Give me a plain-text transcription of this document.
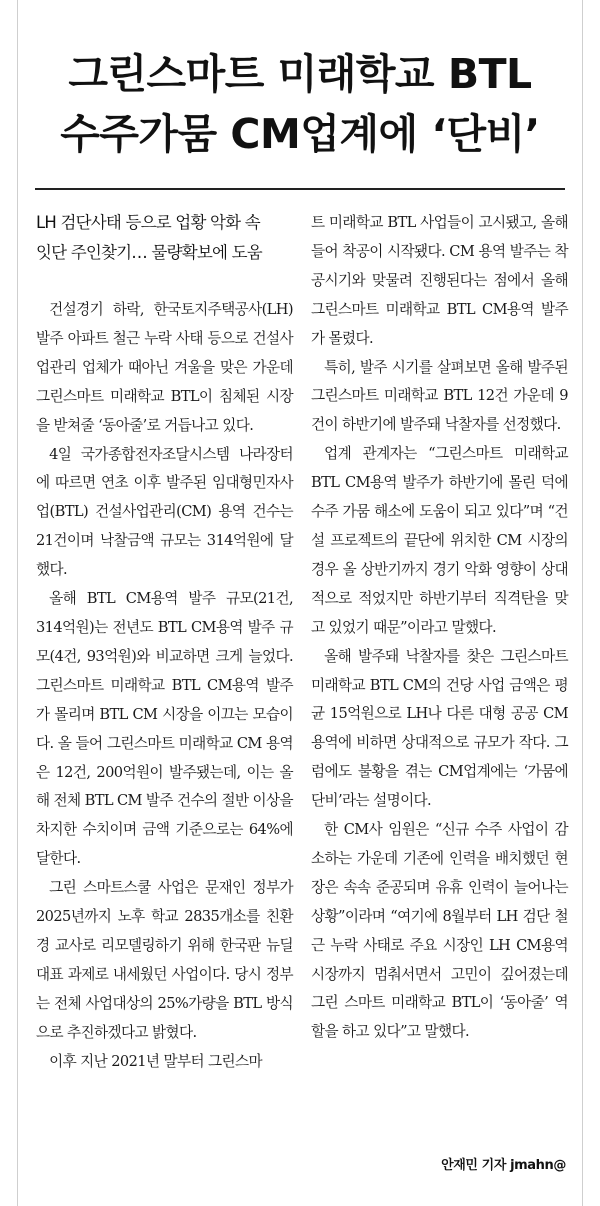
그린스마트 미래학교 BTL
수주가뭄 CM업계에 ‘단비’
LH 검단사태 등으로 업황 악화 속
잇단 주인찾기… 물량확보에 도움

건설경기 하락, 한국토지주택공사(LH) 발주 아파트 철근 누락 사태 등으로 건설사업관리 업체가 때아닌 겨울을 맞은 가운데 그린스마트 미래학교 BTL이 침체된 시장을 받쳐줄 ‘동아줄’로 거듭나고 있다.

4일 국가종합전자조달시스템 나라장터에 따르면 연초 이후 발주된 임대형민자사업(BTL) 건설사업관리(CM) 용역 건수는 21건이며 낙찰금액 규모는 314억원에 달했다.

올해 BTL CM용역 발주 규모(21건, 314억원)는 전년도 BTL CM용역 발주 규모(4건, 93억원)와 비교하면 크게 늘었다. 그린스마트 미래학교 BTL CM용역 발주가 몰리며 BTL CM 시장을 이끄는 모습이다. 올 들어 그린스마트 미래학교 CM 용역은 12건, 200억원이 발주됐는데, 이는 올해 전체 BTL CM 발주 건수의 절반 이상을 차지한 수치이며 금액 기준으로는 64%에 달한다.

그린 스마트스쿨 사업은 문재인 정부가 2025년까지 노후 학교 2835개소를 친환경 교사로 리모델링하기 위해 한국판 뉴딜 대표 과제로 내세웠던 사업이다. 당시 정부는 전체 사업대상의 25%가량을 BTL 방식으로 추진하겠다고 밝혔다.

이후 지난 2021년 말부터 그린스마

트 미래학교 BTL 사업들이 고시됐고, 올해 들어 착공이 시작됐다. CM 용역 발주는 착공시기와 맞물려 진행된다는 점에서 올해 그린스마트 미래학교 BTL CM용역 발주가 몰렸다.

특히, 발주 시기를 살펴보면 올해 발주된 그린스마트 미래학교 BTL 12건 가운데 9건이 하반기에 발주돼 낙찰자를 선정했다.

업계 관계자는 “그린스마트 미래학교 BTL CM용역 발주가 하반기에 몰린 덕에 수주 가뭄 해소에 도움이 되고 있다”며 “건설 프로젝트의 끝단에 위치한 CM 시장의 경우 올 상반기까지 경기 악화 영향이 상대적으로 적었지만 하반기부터 직격탄을 맞고 있었기 때문”이라고 말했다.

올해 발주돼 낙찰자를 찾은 그린스마트 미래학교 BTL CM의 건당 사업 금액은 평균 15억원으로 LH나 다른 대형 공공 CM 용역에 비하면 상대적으로 규모가 작다. 그럼에도 불황을 겪는 CM업계에는 ‘가뭄에 단비’라는 설명이다.

한 CM사 임원은 “신규 수주 사업이 감소하는 가운데 기존에 인력을 배치했던 현장은 속속 준공되며 유휴 인력이 늘어나는 상황”이라며 “여기에 8월부터 LH 검단 철근 누락 사태로 주요 시장인 LH CM용역 시장까지 멈춰서면서 고민이 깊어졌는데 그린 스마트 미래학교 BTL이 ‘동아줄’ 역할을 하고 있다”고 말했다.

안재민 기자 jmahn@
